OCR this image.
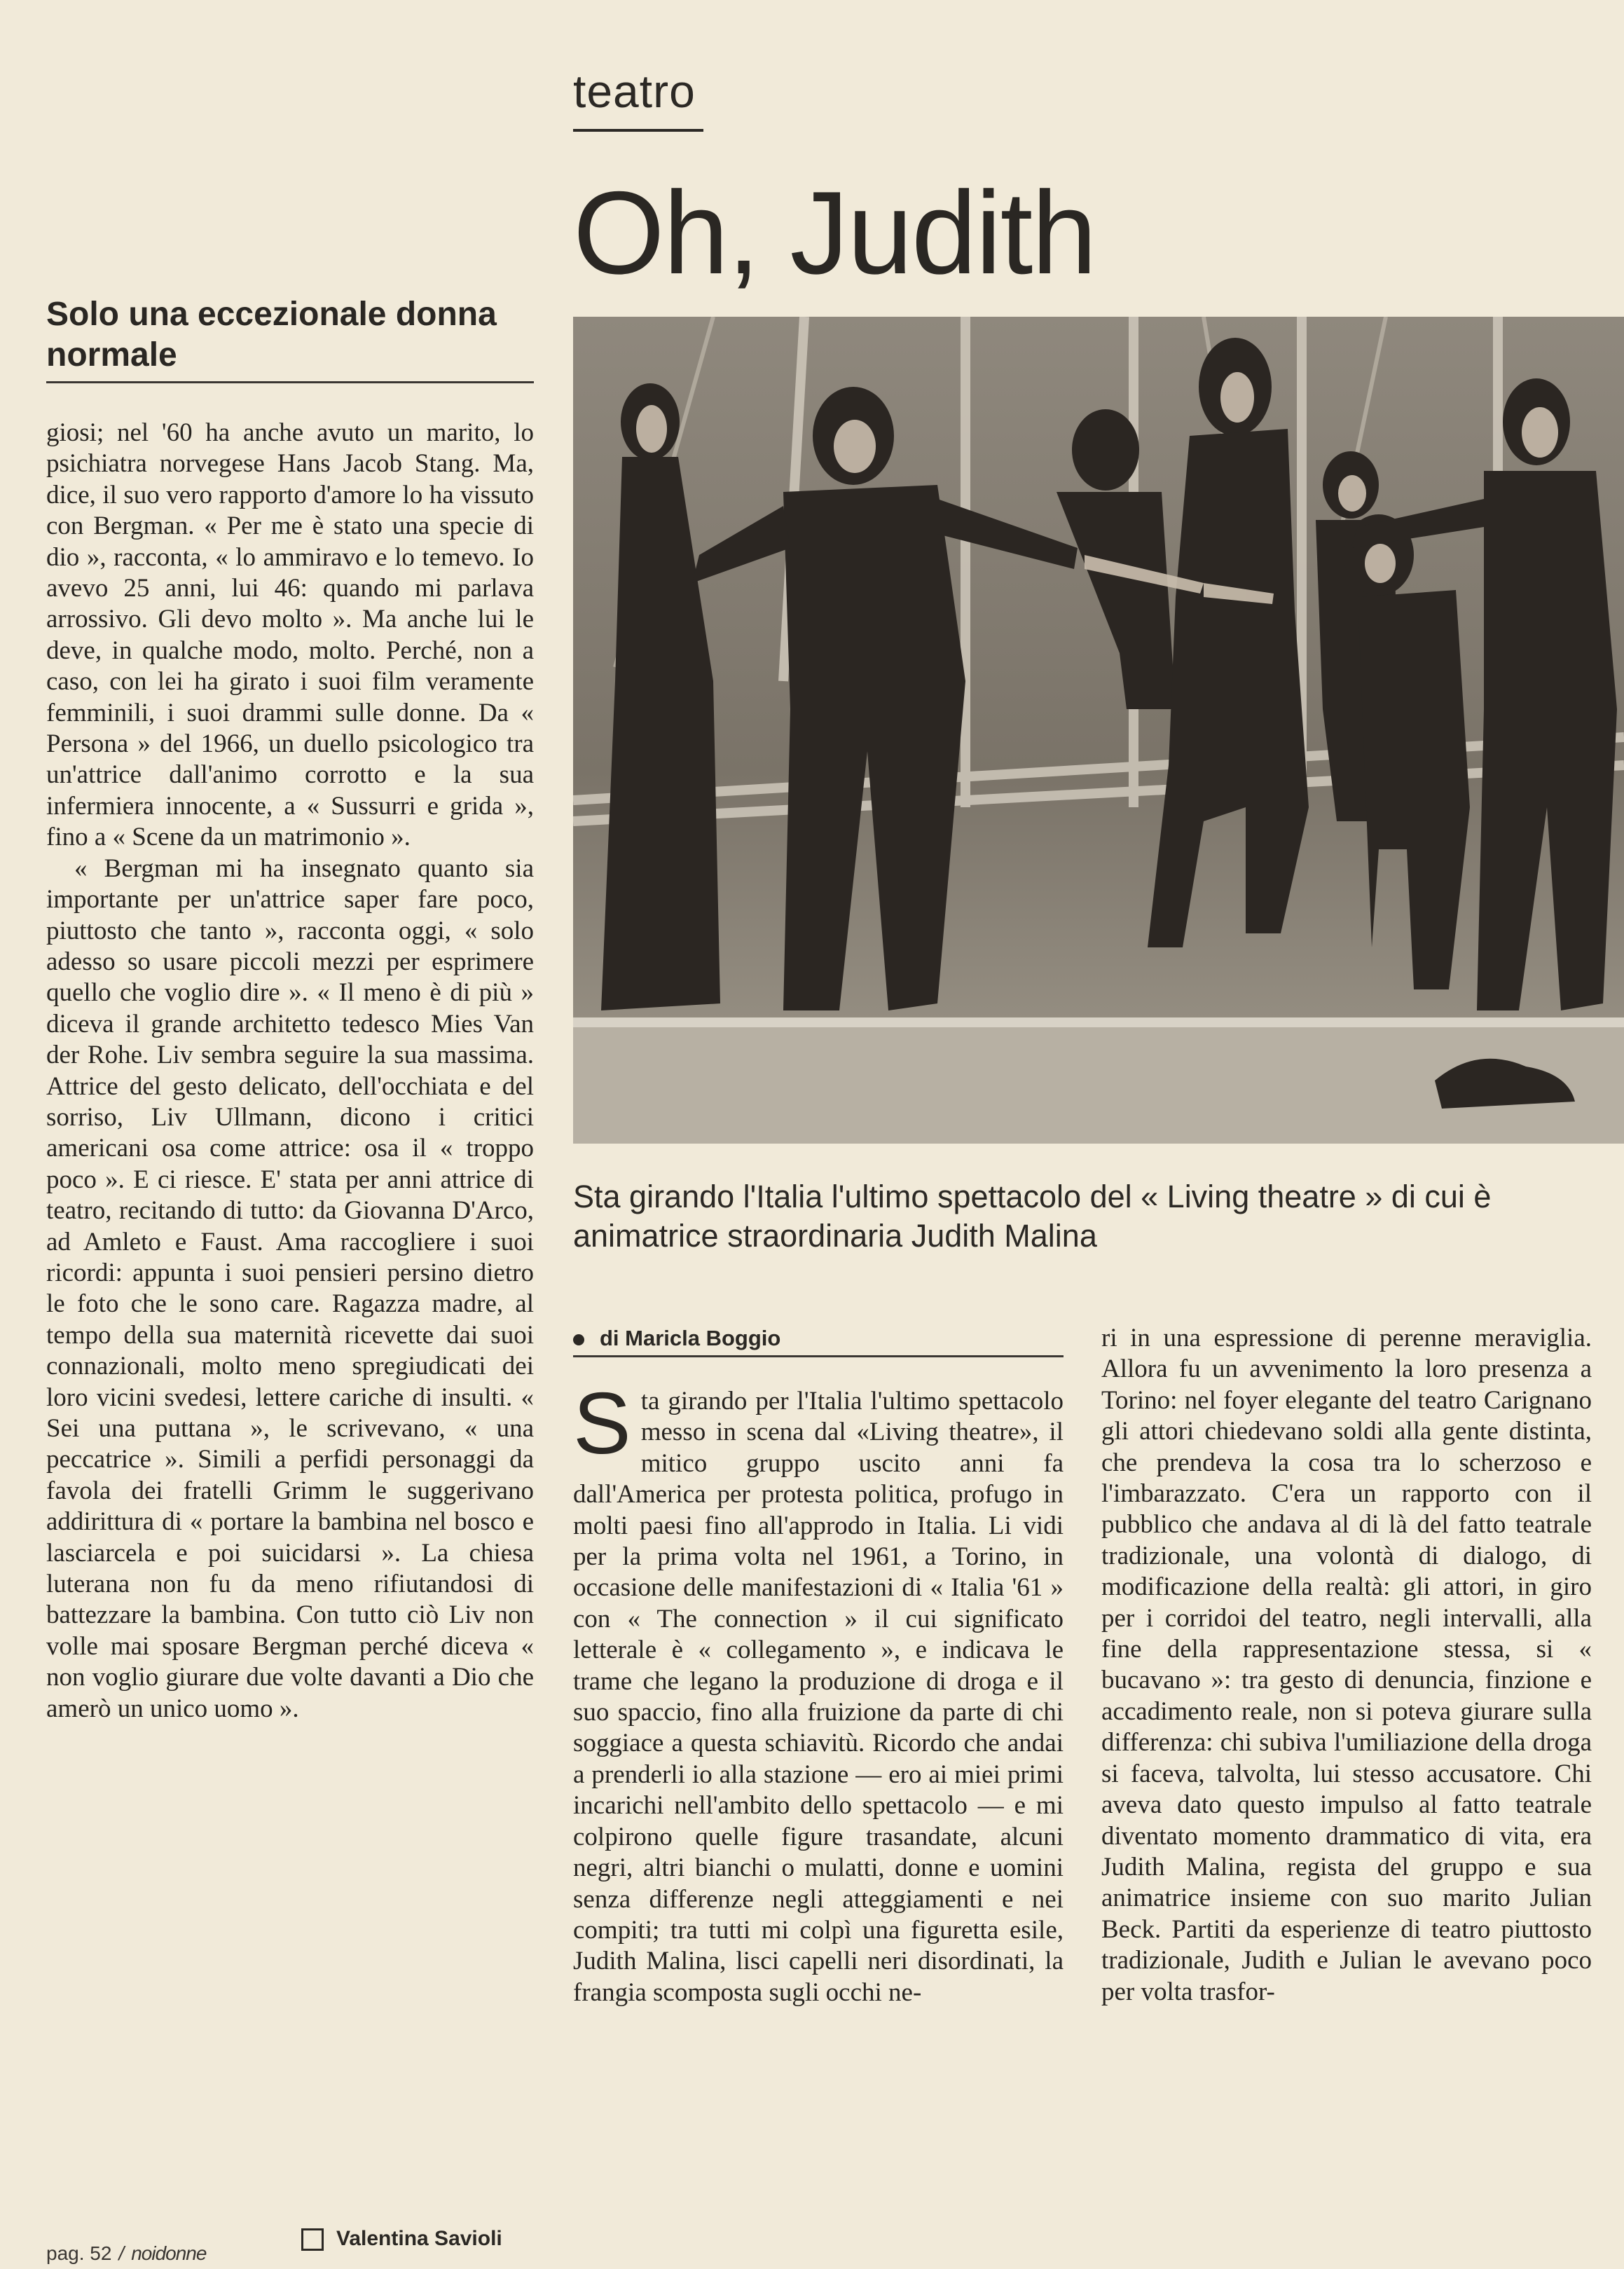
teatro
Oh, Judith
Solo una eccezionale donna normale

giosi; nel '60 ha anche avuto un marito, lo psichiatra norvegese Hans Jacob Stang. Ma, dice, il suo vero rapporto d'amore lo ha vissuto con Bergman. « Per me è stato una specie di dio », racconta, « lo ammiravo e lo temevo. Io avevo 25 anni, lui 46: quando mi parlava arrossivo. Gli devo molto ». Ma anche lui le deve, in qualche modo, molto. Perché, non a caso, con lei ha girato i suoi film veramente femminili, i suoi drammi sulle donne. Da « Persona » del 1966, un duello psicologico tra un'attrice dall'animo corrotto e la sua infermiera innocente, a « Sussurri e grida », fino a « Scene da un matrimonio ».

« Bergman mi ha insegnato quanto sia importante per un'attrice saper fare poco, piuttosto che tanto », racconta oggi, « solo adesso so usare piccoli mezzi per esprimere quello che voglio dire ». « Il meno è di più » diceva il grande architetto tedesco Mies Van der Rohe. Liv sembra seguire la sua massima. Attrice del gesto delicato, dell'occhiata e del sorriso, Liv Ullmann, dicono i critici americani osa come attrice: osa il « troppo poco ». E ci riesce. E' stata per anni attrice di teatro, recitando di tutto: da Giovanna D'Arco, ad Amleto e Faust. Ama raccogliere i suoi ricordi: appunta i suoi pensieri persino dietro le foto che le sono care. Ragazza madre, al tempo della sua maternità ricevette dai suoi connazionali, molto meno spregiudicati dei loro vicini svedesi, lettere cariche di insulti. « Sei una puttana », le scrivevano, « una peccatrice ». Simili a perfidi personaggi da favola dei fratelli Grimm le suggerivano addirittura di « portare la bambina nel bosco e lasciarcela e poi suicidarsi ». La chiesa luterana non fu da meno rifiutandosi di battezzare la bambina. Con tutto ciò Liv non volle mai sposare Bergman perché diceva « non voglio giurare due volte davanti a Dio che amerò un unico uomo ».

Valentina Savioli
Sta girando l'Italia l'ultimo spettacolo del « Living theatre » di cui è animatrice straordinaria Judith Malina
di Maricla Boggio
Sta girando per l'Italia l'ultimo spettacolo messo in scena dal «Living theatre», il mitico gruppo uscito anni fa dall'America per protesta politica, profugo in molti paesi fino all'approdo in Italia. Li vidi per la prima volta nel 1961, a Torino, in occasione delle manifestazioni di « Italia '61 » con « The connection » il cui significato letterale è « collegamento », e indicava le trame che legano la produzione di droga e il suo spaccio, fino alla fruizione da parte di chi soggiace a questa schiavitù. Ricordo che andai a prenderli io alla stazione — ero ai miei primi incarichi nell'ambito dello spettacolo — e mi colpirono quelle figure trasandate, alcuni negri, altri bianchi o mulatti, donne e uomini senza differenze negli atteggiamenti e nei compiti; tra tutti mi colpì una figuretta esile, Judith Malina, lisci capelli neri disordinati, la frangia scomposta sugli occhi ne-

ri in una espressione di perenne meraviglia. Allora fu un avvenimento la loro presenza a Torino: nel foyer elegante del teatro Carignano gli attori chiedevano soldi alla gente distinta, che prendeva la cosa tra lo scherzoso e l'imbarazzato. C'era un rapporto con il pubblico che andava al di là del fatto teatrale tradizionale, una volontà di dialogo, di modificazione della realtà: gli attori, in giro per i corridoi del teatro, negli intervalli, alla fine della rappresentazione stessa, si « bucavano »: tra gesto di denuncia, finzione e accadimento reale, non si poteva giurare sulla differenza: chi subiva l'umiliazione della droga si faceva, talvolta, lui stesso accusatore. Chi aveva dato questo impulso al fatto teatrale diventato momento drammatico di vita, era Judith Malina, regista del gruppo e sua animatrice insieme con suo marito Julian Beck. Partiti da esperienze di teatro piuttosto tradizionale, Judith e Julian le avevano poco per volta trasfor-

pag. 52 / noidonne
